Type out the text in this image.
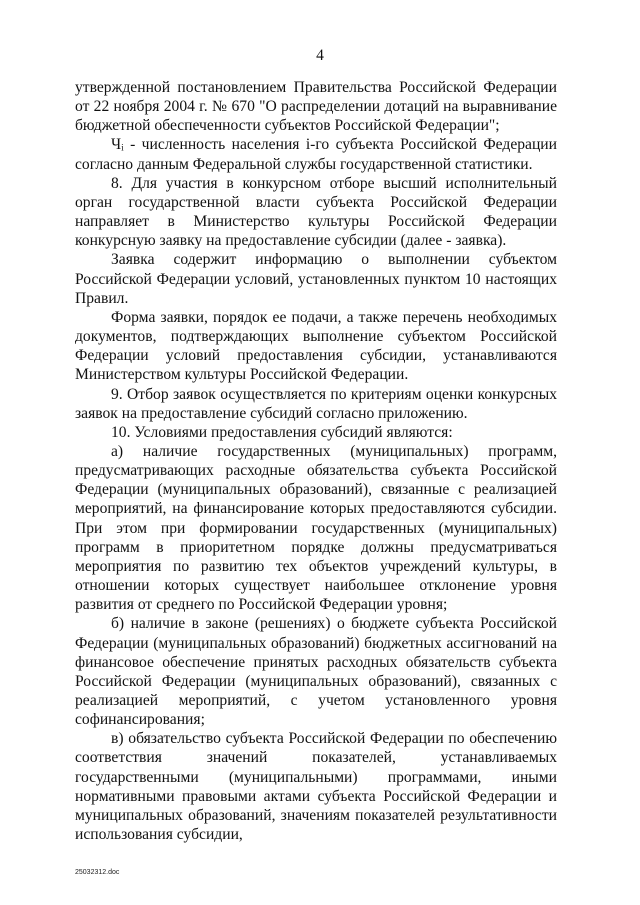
4

утвержденной постановлением Правительства Российской Федерации от 22 ноября 2004 г. № 670 "О распределении дотаций на выравнивание бюджетной обеспеченности субъектов Российской Федерации";

Чᵢ - численность населения i-го субъекта Российской Федерации согласно данным Федеральной службы государственной статистики.

8. Для участия в конкурсном отборе высший исполнительный орган государственной власти субъекта Российской Федерации направляет в Министерство культуры Российской Федерации конкурсную заявку на предоставление субсидии (далее - заявка).

Заявка содержит информацию о выполнении субъектом Российской Федерации условий, установленных пунктом 10 настоящих Правил.

Форма заявки, порядок ее подачи, а также перечень необходимых документов, подтверждающих выполнение субъектом Российской Федерации условий предоставления субсидии, устанавливаются Министерством культуры Российской Федерации.

9. Отбор заявок осуществляется по критериям оценки конкурсных заявок на предоставление субсидий согласно приложению.

10. Условиями предоставления субсидий являются:

а) наличие государственных (муниципальных) программ, предусматривающих расходные обязательства субъекта Российской Федерации (муниципальных образований), связанные с реализацией мероприятий, на финансирование которых предоставляются субсидии. При этом при формировании государственных (муниципальных) программ в приоритетном порядке должны предусматриваться мероприятия по развитию тех объектов учреждений культуры, в отношении которых существует наибольшее отклонение уровня развития от среднего по Российской Федерации уровня;

б) наличие в законе (решениях) о бюджете субъекта Российской Федерации (муниципальных образований) бюджетных ассигнований на финансовое обеспечение принятых расходных обязательств субъекта Российской Федерации (муниципальных образований), связанных с реализацией мероприятий, с учетом установленного уровня софинансирования;

в) обязательство субъекта Российской Федерации по обеспечению соответствия значений показателей, устанавливаемых государственными (муниципальными) программами, иными нормативными правовыми актами субъекта Российской Федерации и муниципальных образований, значениям показателей результативности использования субсидии,

25032312.doc
